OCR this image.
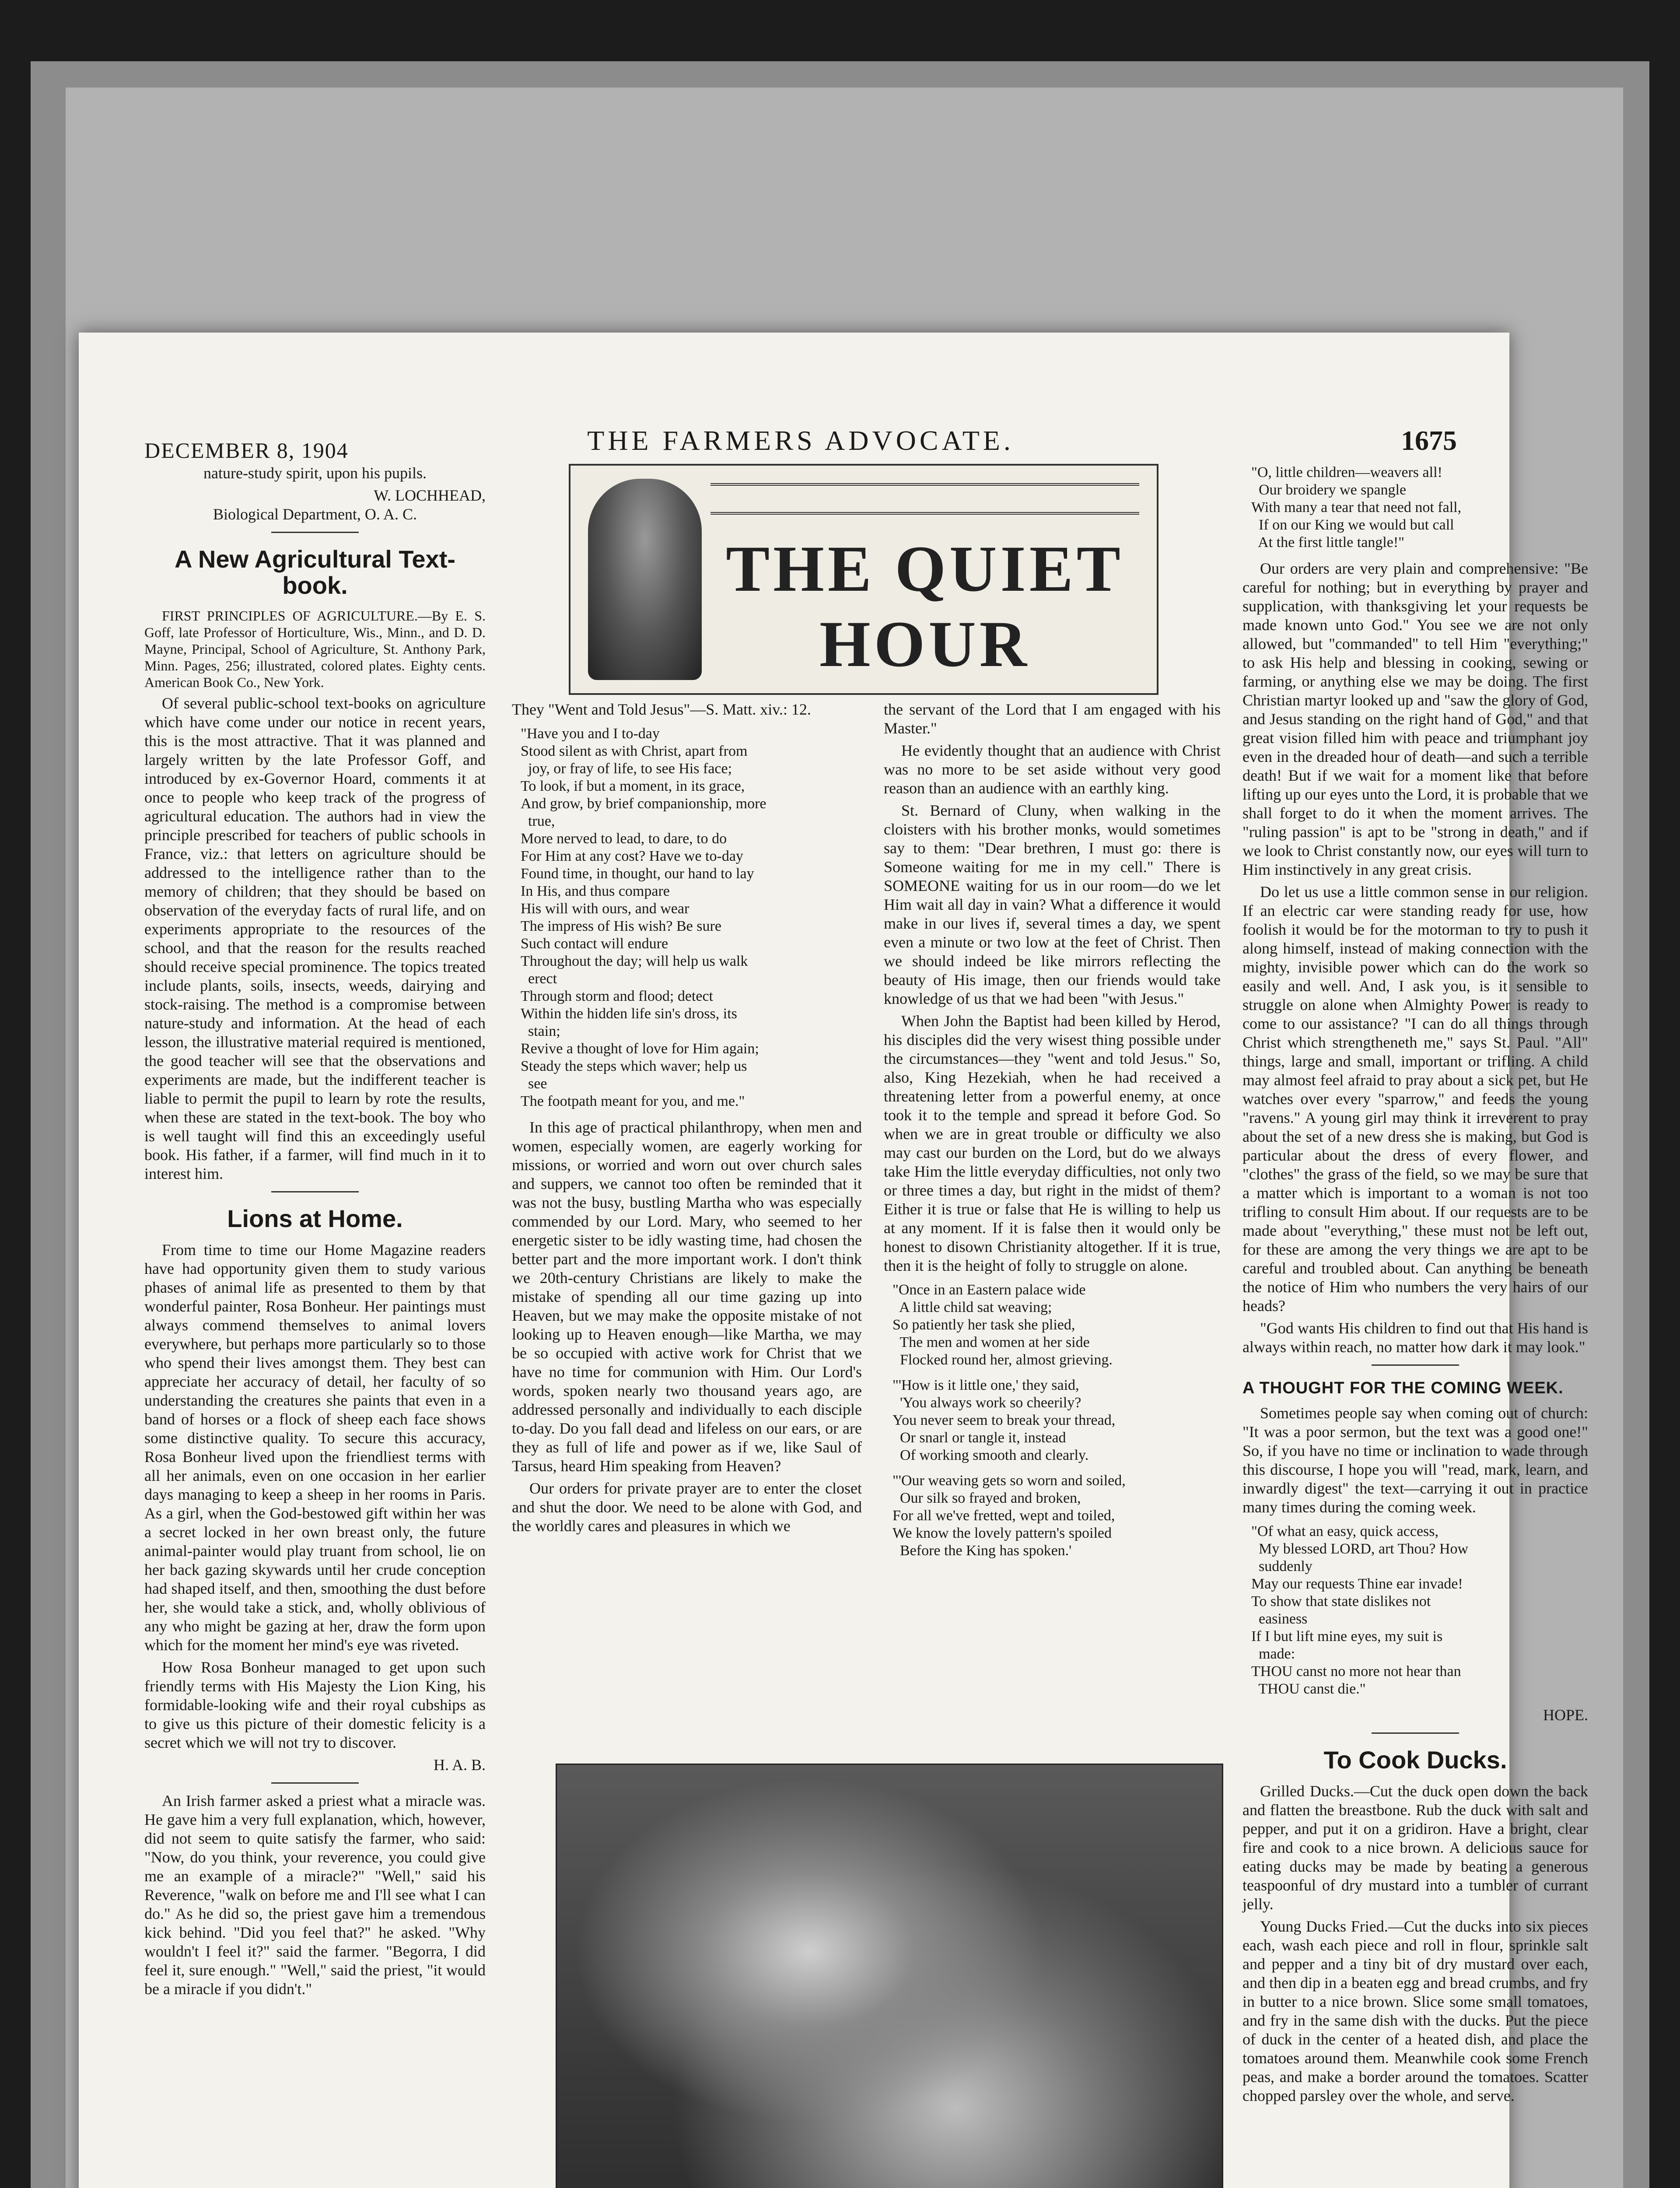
DECEMBER 8, 1904	THE FARMERS ADVOCATE.	1675

nature-study spirit, upon his pupils.

W. LOCHHEAD,
Biological Department, O. A. C.
A New Agricultural Text-book.

FIRST PRINCIPLES OF AGRICULTURE.—By E. S. Goff, late Professor of Horticulture, Wis., Minn., and D. D. Mayne, Principal, School of Agriculture, St. Anthony Park, Minn. Pages, 256; illustrated, colored plates. Eighty cents. American Book Co., New York.

Of several public-school text-books on agriculture which have come under our notice in recent years, this is the most attractive. That it was planned and largely written by the late Professor Goff, and introduced by ex-Governor Hoard, comments it at once to people who keep track of the progress of agricultural education. The authors had in view the principle prescribed for teachers of public schools in France, viz.: that letters on agriculture should be addressed to the intelligence rather than to the memory of children; that they should be based on observation of the everyday facts of rural life, and on experiments appropriate to the resources of the school, and that the reason for the results reached should receive special prominence. The topics treated include plants, soils, insects, weeds, dairying and stock-raising. The method is a compromise between nature-study and information. At the head of each lesson, the illustrative material required is mentioned, the good teacher will see that the observations and experiments are made, but the indifferent teacher is liable to permit the pupil to learn by rote the results, when these are stated in the text-book. The boy who is well taught will find this an exceedingly useful book. His father, if a farmer, will find much in it to interest him.

Lions at Home.

From time to time our Home Magazine readers have had opportunity given them to study various phases of animal life as presented to them by that wonderful painter, Rosa Bonheur. Her paintings must always commend themselves to animal lovers everywhere, but perhaps more particularly so to those who spend their lives amongst them. They best can appreciate her accuracy of detail, her faculty of so understanding the creatures she paints that even in a band of horses or a flock of sheep each face shows some distinctive quality. To secure this accuracy, Rosa Bonheur lived upon the friendliest terms with all her animals, even on one occasion in her earlier days managing to keep a sheep in her rooms in Paris. As a girl, when the God-bestowed gift within her was a secret locked in her own breast only, the future animal-painter would play truant from school, lie on her back gazing skywards until her crude conception had shaped itself, and then, smoothing the dust before her, she would take a stick, and, wholly oblivious of any who might be gazing at her, draw the form upon which for the moment her mind's eye was riveted.

How Rosa Bonheur managed to get upon such friendly terms with His Majesty the Lion King, his formidable-looking wife and their royal cubships as to give us this picture of their domestic felicity is a secret which we will not try to discover.

H. A. B.

An Irish farmer asked a priest what a miracle was. He gave him a very full explanation, which, however, did not seem to quite satisfy the farmer, who said: "Now, do you think, your reverence, you could give me an example of a miracle?" "Well," said his Reverence, "walk on before me and I'll see what I can do." As he did so, the priest gave him a tremendous kick behind. "Did you feel that?" he asked. "Why wouldn't I feel it?" said the farmer. "Begorra, I did feel it, sure enough." "Well," said the priest, "it would be a miracle if you didn't."

THE QUIET HOUR

They "Went and Told Jesus"—S. Matt. xiv.: 12.

"Have you and I to-day
Stood silent as with Christ, apart from
joy, or fray of life, to see His face;
To look, if but a moment, in its grace,
And grow, by brief companionship, more
true,
More nerved to lead, to dare, to do
For Him at any cost? Have we to-day
Found time, in thought, our hand to lay
In His, and thus compare
His will with ours, and wear
The impress of His wish? Be sure
Such contact will endure
Throughout the day; will help us walk
erect
Through storm and flood; detect
Within the hidden life sin's dross, its
stain;
Revive a thought of love for Him again;
Steady the steps which waver; help us
see
The footpath meant for you, and me."

In this age of practical philanthropy, when men and women, especially women, are eagerly working for missions, or worried and worn out over church sales and suppers, we cannot too often be reminded that it was not the busy, bustling Martha who was especially commended by our Lord. Mary, who seemed to her energetic sister to be idly wasting time, had chosen the better part and the more important work. I don't think we 20th-century Christians are likely to make the mistake of spending all our time gazing up into Heaven, but we may make the opposite mistake of not looking up to Heaven enough—like Martha, we may be so occupied with active work for Christ that we have no time for communion with Him. Our Lord's words, spoken nearly two thousand years ago, are addressed personally and individually to each disciple to-day. Do you fall dead and lifeless on our ears, or are they as full of life and power as if we, like Saul of Tarsus, heard Him speaking from Heaven?

Our orders for private prayer are to enter the closet and shut the door. We need to be alone with God, and the worldly cares and pleasures in which we

the servant of the Lord that I am engaged with his Master."

He evidently thought that an audience with Christ was no more to be set aside without very good reason than an audience with an earthly king.

St. Bernard of Cluny, when walking in the cloisters with his brother monks, would sometimes say to them: "Dear brethren, I must go: there is Someone waiting for me in my cell." There is SOMEONE waiting for us in our room—do we let Him wait all day in vain? What a difference it would make in our lives if, several times a day, we spent even a minute or two low at the feet of Christ. Then we should indeed be like mirrors reflecting the beauty of His image, then our friends would take knowledge of us that we had been "with Jesus."

When John the Baptist had been killed by Herod, his disciples did the very wisest thing possible under the circumstances—they "went and told Jesus." So, also, King Hezekiah, when he had received a threatening letter from a powerful enemy, at once took it to the temple and spread it before God. So when we are in great trouble or difficulty we also may cast our burden on the Lord, but do we always take Him the little everyday difficulties, not only two or three times a day, but right in the midst of them? Either it is true or false that He is willing to help us at any moment. If it is false then it would only be honest to disown Christianity altogether. If it is true, then it is the height of folly to struggle on alone.

"Once in an Eastern palace wide
A little child sat weaving;
So patiently her task she plied,
The men and women at her side
Flocked round her, almost grieving.
"'How is it little one,' they said,
'You always work so cheerily?
You never seem to break your thread,
Or snarl or tangle it, instead
Of working smooth and clearly.
"'Our weaving gets so worn and soiled,
Our silk so frayed and broken,
For all we've fretted, wept and toiled,
We know the lovely pattern's spoiled
Before the King has spoken.'

"O, little children—weavers all!
Our broidery we spangle
With many a tear that need not fall,
If on our King we would but call
At the first little tangle!"

Our orders are very plain and comprehensive: "Be careful for nothing; but in everything by prayer and supplication, with thanksgiving let your requests be made known unto God." You see we are not only allowed, but "commanded" to tell Him "everything;" to ask His help and blessing in cooking, sewing or farming, or anything else we may be doing. The first Christian martyr looked up and "saw the glory of God, and Jesus standing on the right hand of God," and that great vision filled him with peace and triumphant joy even in the dreaded hour of death—and such a terrible death! But if we wait for a moment like that before lifting up our eyes unto the Lord, it is probable that we shall forget to do it when the moment arrives. The "ruling passion" is apt to be "strong in death," and if we look to Christ constantly now, our eyes will turn to Him instinctively in any great crisis.

Do let us use a little common sense in our religion. If an electric car were standing ready for use, how foolish it would be for the motorman to try to push it along himself, instead of making connection with the mighty, invisible power which can do the work so easily and well. And, I ask you, is it sensible to struggle on alone when Almighty Power is ready to come to our assistance? "I can do all things through Christ which strengtheneth me," says St. Paul. "All" things, large and small, important or trifling. A child may almost feel afraid to pray about a sick pet, but He watches over every "sparrow," and feeds the young "ravens." A young girl may think it irreverent to pray about the set of a new dress she is making, but God is particular about the dress of every flower, and "clothes" the grass of the field, so we may be sure that a matter which is important to a woman is not too trifling to consult Him about. If our requests are to be made about "everything," these must not be left out, for these are among the very things we are apt to be careful and troubled about. Can anything be beneath the notice of Him who numbers the very hairs of our heads?

"God wants His children to find out that His hand is always within reach, no matter how dark it may look."

A THOUGHT FOR THE COMING WEEK.

Sometimes people say when coming out of church: "It was a poor sermon, but the text was a good one!" So, if you have no time or inclination to wade through this discourse, I hope you will "read, mark, learn, and inwardly digest" the text—carrying it out in practice many times during the coming week.

"Of what an easy, quick access,
My blessed LORD, art Thou? How
suddenly
May our requests Thine ear invade!
To show that state dislikes not
easiness
If I but lift mine eyes, my suit is
made:
THOU canst no more not hear than
THOU canst die."
HOPE.
To Cook Ducks.

Grilled Ducks.—Cut the duck open down the back and flatten the breastbone. Rub the duck with salt and pepper, and put it on a gridiron. Have a bright, clear fire and cook to a nice brown. A delicious sauce for eating ducks may be made by beating a generous teaspoonful of dry mustard into a tumbler of currant jelly.

Young Ducks Fried.—Cut the ducks into six pieces each, wash each piece and roll in flour, sprinkle salt and pepper and a tiny bit of dry mustard over each, and then dip in a beaten egg and bread crumbs, and fry in butter to a nice brown. Slice some small tomatoes, and fry in the same dish with the ducks. Put the piece of duck in the center of a heated dish, and place the tomatoes around them. Meanwhile cook some French peas, and make a border around the tomatoes. Scatter chopped parsley over the whole, and serve.
